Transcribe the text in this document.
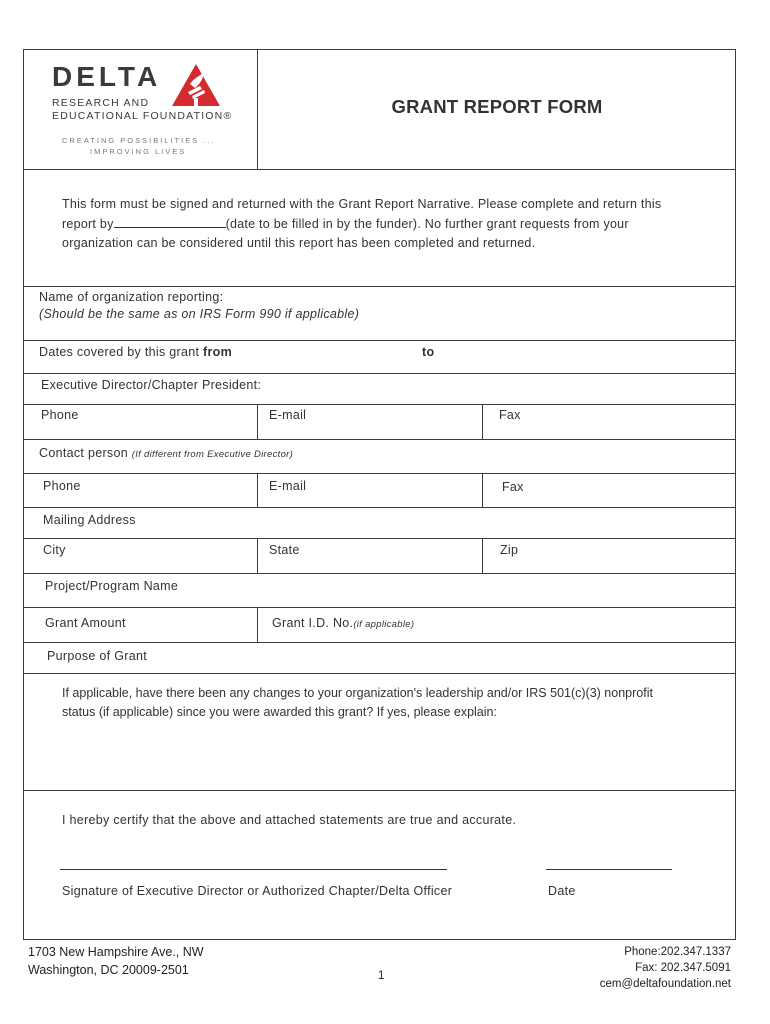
DELTA
RESEARCH AND
EDUCATIONAL FOUNDATION®
CREATING POSSIBILITIES ...
IMPROVING LIVES
GRANT REPORT FORM
This form must be signed and returned with the Grant Report Narrative. Please complete and return this report by	(date to be filled in by the funder). No further grant requests from your organization can be considered until this report has been completed and returned.
Name of organization reporting:
(Should be the same as on IRS Form 990 if applicable)
Dates covered by this grant from	to
Executive Director/Chapter President:
Phone	E-mail	Fax
Contact person (If different from Executive Director)
Phone	E-mail	Fax
Mailing Address
City	State	Zip
Project/Program Name
Grant Amount	Grant I.D. No.(if applicable)
Purpose of Grant
If applicable, have there been any changes to your organization's leadership and/or IRS 501(c)(3) nonprofit status (if applicable) since you were awarded this grant? If yes, please explain:
I hereby certify that the above and attached statements are true and accurate.
Signature of Executive Director or Authorized Chapter/Delta Officer	Date
1703 New Hampshire Ave., NW
Washington, DC 20009-2501	1
Phone:202.347.1337
Fax: 202.347.5091
cem@deltafoundation.net
